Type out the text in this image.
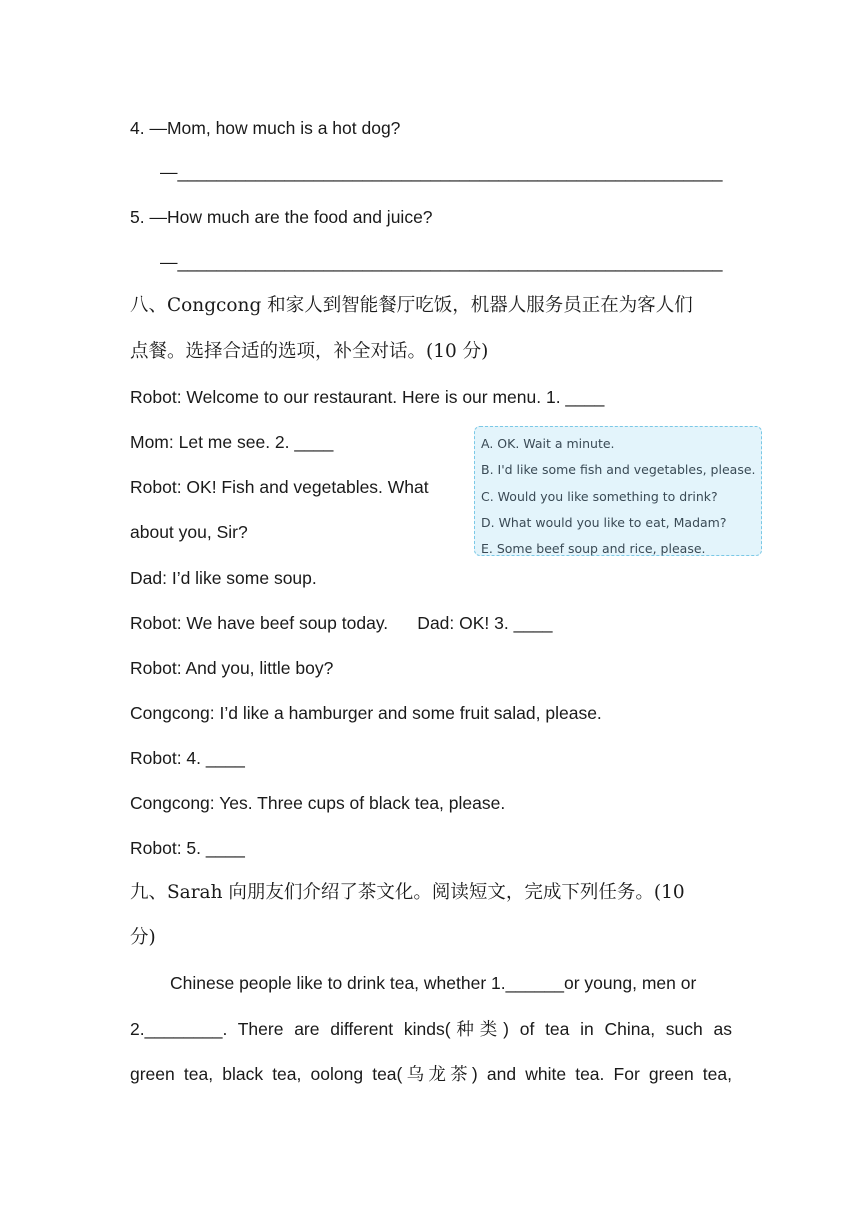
4. —Mom, how much is a hot dog?
—________________________________________________________
5. —How much are the food and juice?
—________________________________________________________
八、Congcong 和家人到智能餐厅吃饭，机器人服务员正在为客人们
点餐。选择合适的选项，补全对话。(10 分)
Robot: Welcome to our restaurant. Here is our menu. 1. ____
Mom: Let me see. 2. ____
Robot: OK! Fish and vegetables. What
about you, Sir?
Dad: I’d like some soup.
Robot: We have beef soup today.      Dad: OK! 3. ____
Robot: And you, little boy?
Congcong: I’d like a hamburger and some fruit salad, please.
Robot: 4. ____
Congcong: Yes. Three cups of black tea, please.
Robot: 5. ____
A. OK. Wait a minute.
B. I'd like some fish and vegetables, please.
C. Would you like something to drink?
D. What would you like to eat, Madam?
E. Some beef soup and rice, please.
九、Sarah 向朋友们介绍了茶文化。阅读短文，完成下列任务。(10
分)
Chinese people like to drink tea, whether 1.______or young, men or
2.________. There are different kinds(种类) of tea in China, such as
green tea, black tea, oolong tea(乌龙茶) and white tea. For green tea,
